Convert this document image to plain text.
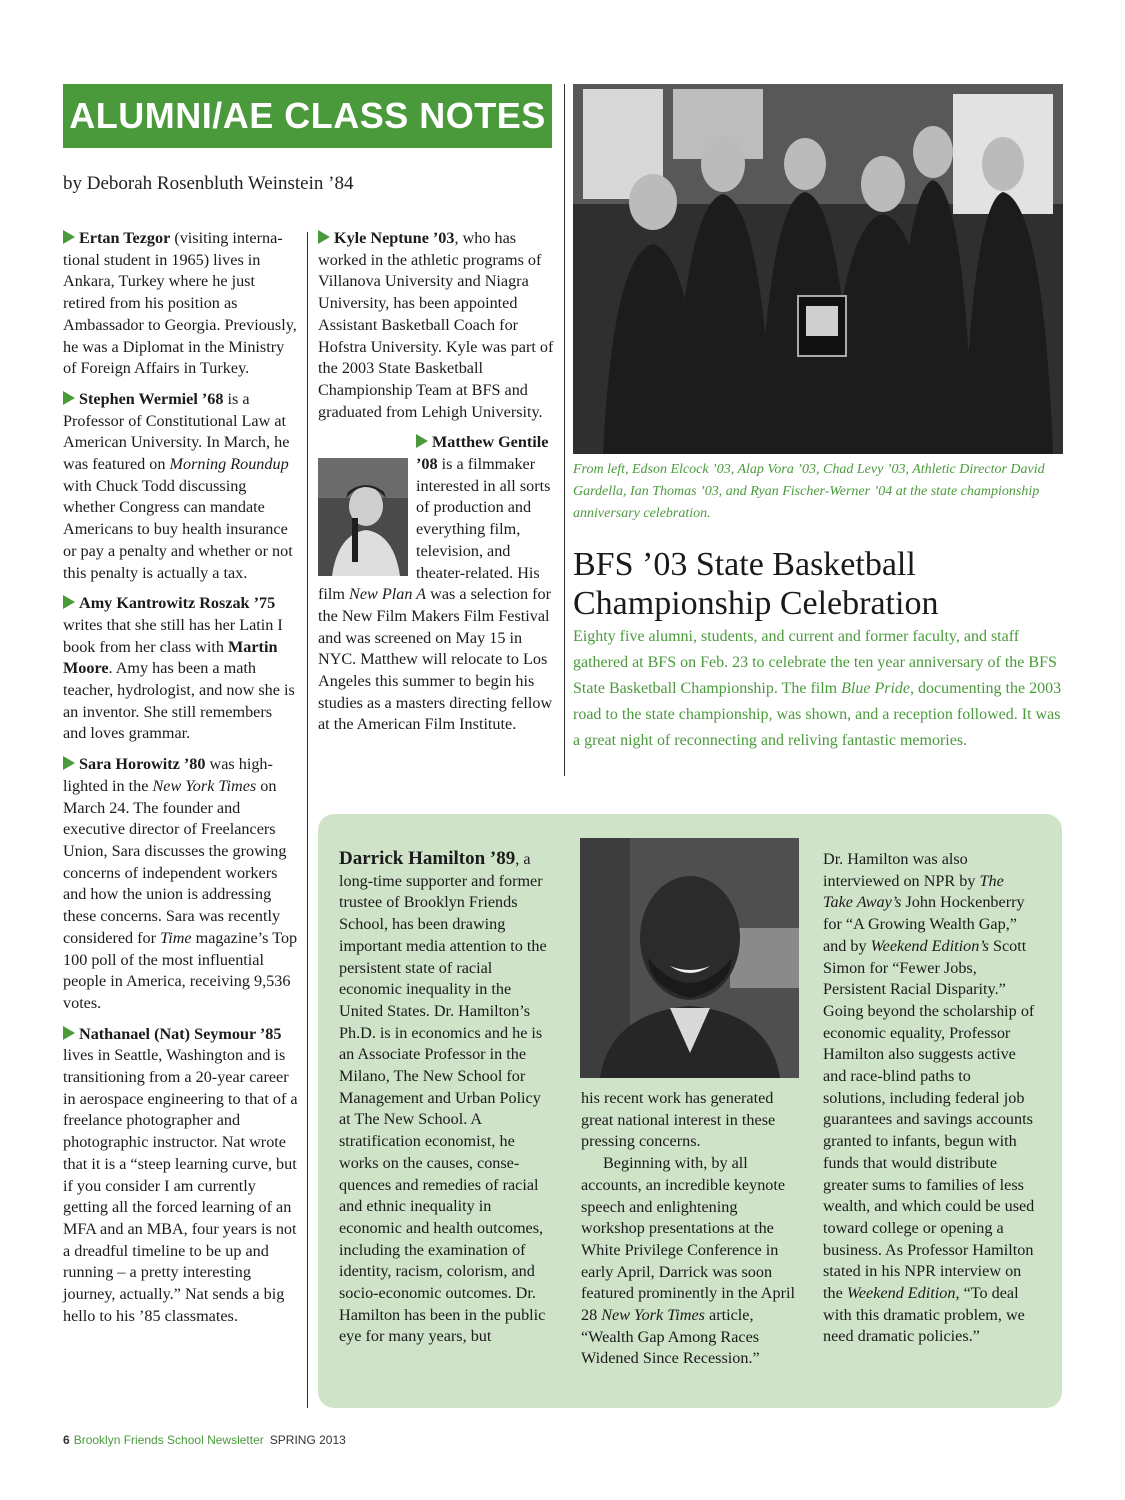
ALUMNI/AE CLASS NOTES
by Deborah Rosenbluth Weinstein ’84

Ertan Tezgor (visiting international student in 1965) lives in Ankara, Turkey where he just retired from his position as Ambassador to Georgia. Previously, he was a Diplomat in the Ministry of Foreign Affairs in Turkey.

Stephen Wermiel ’68 is a Professor of Constitutional Law at American University. In March, he was featured on Morning Roundup with Chuck Todd discussing whether Congress can mandate Americans to buy health insurance or pay a penalty and whether or not this penalty is actually a tax.

Amy Kantrowitz Roszak ’75 writes that she still has her Latin I book from her class with Martin Moore. Amy has been a math teacher, hydrologist, and now she is an inventor. She still remembers and loves grammar.

Sara Horowitz ’80 was highlighted in the New York Times on March 24. The founder and executive director of Freelancers Union, Sara discusses the growing concerns of independent workers and how the union is addressing these concerns. Sara was recently considered for Time magazine’s Top 100 poll of the most influential people in America, receiving 9,536 votes.

Nathanael (Nat) Seymour ’85 lives in Seattle, Washington and is transitioning from a 20-year career in aerospace engineering to that of a freelance photographer and photographic instructor. Nat wrote that it is a “steep learning curve, but if you consider I am currently getting all the forced learning of an MFA and an MBA, four years is not a dreadful timeline to be up and running – a pretty interesting journey, actually.” Nat sends a big hello to his ’85 classmates.

Kyle Neptune ’03, who has worked in the athletic programs of Villanova University and Niagra University, has been appointed Assistant Basketball Coach for Hofstra University. Kyle was part of the 2003 State Basketball Championship Team at BFS and graduated from Lehigh University.

Matthew Gentile ’08 is a filmmaker interested in all sorts of production and everything film, television, and theater-related. His film New Plan A was a selection for the New Film Makers Film Festival and was screened on May 15 in NYC. Matthew will relocate to Los Angeles this summer to begin his studies as a masters directing fellow at the American Film Institute.

From left, Edson Elcock ’03, Alap Vora ’03, Chad Levy ’03, Athletic Director David Gardella, Ian Thomas ’03, and Ryan Fischer-Werner ’04 at the state championship anniversary celebration.
BFS ’03 State Basketball Championship Celebration
Eighty five alumni, students, and current and former faculty, and staff gathered at BFS on Feb. 23 to celebrate the ten year anniversary of the BFS State Basketball Championship. The film Blue Pride, documenting the 2003 road to the state championship, was shown, and a reception followed. It was a great night of reconnecting and reliving fantastic memories.

Darrick Hamilton ’89, a long-time supporter and former trustee of Brooklyn Friends School, has been drawing important media attention to the persistent state of racial economic inequality in the United States. Dr. Hamilton’s Ph.D. is in economics and he is an Associate Professor in the Milano, The New School for Management and Urban Policy at The New School. A stratification economist, he works on the causes, consequences and remedies of racial and ethnic inequality in economic and health outcomes, including the examination of identity, racism, colorism, and socio-economic outcomes. Dr. Hamilton has been in the public eye for many years, but

his recent work has generated great national interest in these pressing concerns.

Beginning with, by all accounts, an incredible keynote speech and enlightening workshop presentations at the White Privilege Conference in early April, Darrick was soon featured prominently in the April 28 New York Times article, “Wealth Gap Among Races Widened Since Recession.”

Dr. Hamilton was also interviewed on NPR by The Take Away’s John Hockenberry for “A Growing Wealth Gap,” and by Weekend Edition’s Scott Simon for “Fewer Jobs, Persistent Racial Disparity.” Going beyond the scholarship of economic equality, Professor Hamilton also suggests active and race-blind paths to solutions, including federal job guarantees and savings accounts granted to infants, begun with funds that would distribute greater sums to families of less wealth, and which could be used toward college or opening a business. As Professor Hamilton stated in his NPR interview on the Weekend Edition, “To deal with this dramatic problem, we need dramatic policies.”

6 Brooklyn Friends School Newsletter SPRING 2013
